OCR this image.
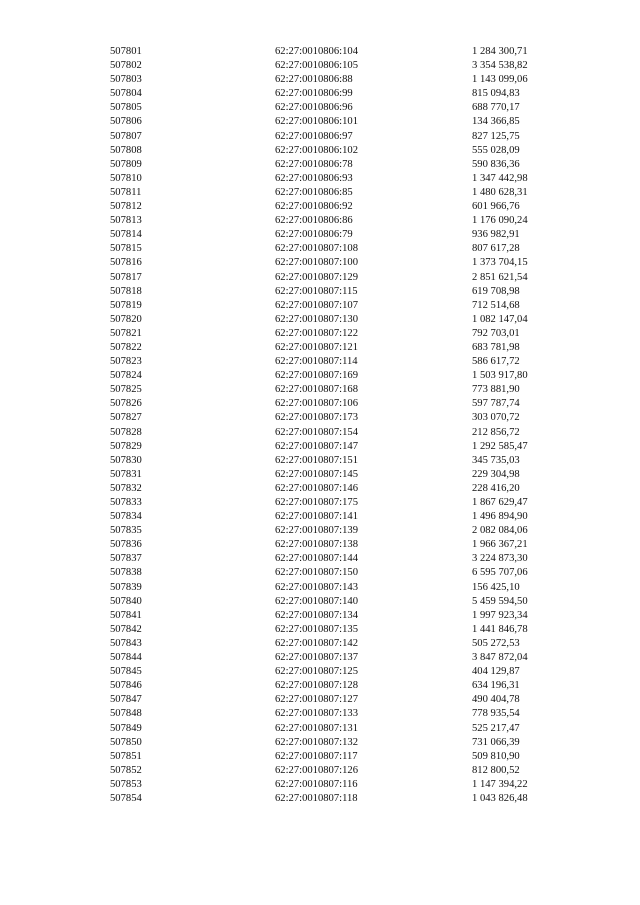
507801	62:27:0010806:104	1 284 300,71
507802	62:27:0010806:105	3 354 538,82
507803	62:27:0010806:88	1 143 099,06
507804	62:27:0010806:99	815 094,83
507805	62:27:0010806:96	688 770,17
507806	62:27:0010806:101	134 366,85
507807	62:27:0010806:97	827 125,75
507808	62:27:0010806:102	555 028,09
507809	62:27:0010806:78	590 836,36
507810	62:27:0010806:93	1 347 442,98
507811	62:27:0010806:85	1 480 628,31
507812	62:27:0010806:92	601 966,76
507813	62:27:0010806:86	1 176 090,24
507814	62:27:0010806:79	936 982,91
507815	62:27:0010807:108	807 617,28
507816	62:27:0010807:100	1 373 704,15
507817	62:27:0010807:129	2 851 621,54
507818	62:27:0010807:115	619 708,98
507819	62:27:0010807:107	712 514,68
507820	62:27:0010807:130	1 082 147,04
507821	62:27:0010807:122	792 703,01
507822	62:27:0010807:121	683 781,98
507823	62:27:0010807:114	586 617,72
507824	62:27:0010807:169	1 503 917,80
507825	62:27:0010807:168	773 881,90
507826	62:27:0010807:106	597 787,74
507827	62:27:0010807:173	303 070,72
507828	62:27:0010807:154	212 856,72
507829	62:27:0010807:147	1 292 585,47
507830	62:27:0010807:151	345 735,03
507831	62:27:0010807:145	229 304,98
507832	62:27:0010807:146	228 416,20
507833	62:27:0010807:175	1 867 629,47
507834	62:27:0010807:141	1 496 894,90
507835	62:27:0010807:139	2 082 084,06
507836	62:27:0010807:138	1 966 367,21
507837	62:27:0010807:144	3 224 873,30
507838	62:27:0010807:150	6 595 707,06
507839	62:27:0010807:143	156 425,10
507840	62:27:0010807:140	5 459 594,50
507841	62:27:0010807:134	1 997 923,34
507842	62:27:0010807:135	1 441 846,78
507843	62:27:0010807:142	505 272,53
507844	62:27:0010807:137	3 847 872,04
507845	62:27:0010807:125	404 129,87
507846	62:27:0010807:128	634 196,31
507847	62:27:0010807:127	490 404,78
507848	62:27:0010807:133	778 935,54
507849	62:27:0010807:131	525 217,47
507850	62:27:0010807:132	731 066,39
507851	62:27:0010807:117	509 810,90
507852	62:27:0010807:126	812 800,52
507853	62:27:0010807:116	1 147 394,22
507854	62:27:0010807:118	1 043 826,48
